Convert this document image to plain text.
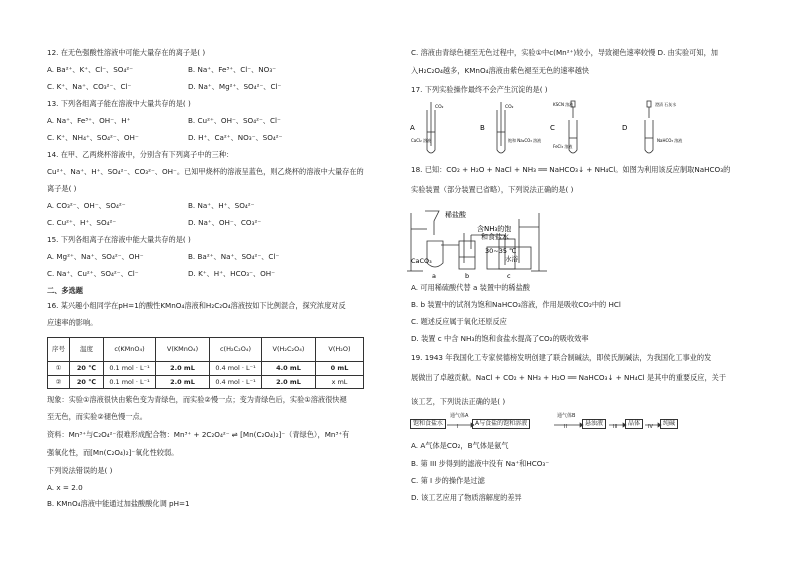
12. 在无色强酸性溶液中可能大量存在的离子是( )
A. Ba²⁺、K⁺、Cl⁻、SO₄²⁻	B. Na⁺、Fe³⁺、Cl⁻、NO₃⁻
C. K⁺、Na⁺、CO₃²⁻、Cl⁻	D. Na⁺、Mg²⁺、SO₄²⁻、Cl⁻
13. 下列各组离子能在溶液中大量共存的是( )
A. Na⁺、Fe³⁺、OH⁻、H⁺	B. Cu²⁺、OH⁻、SO₄²⁻、Cl⁻
C. K⁺、NH₄⁺、SO₄²⁻、OH⁻	D. H⁺、Ca²⁺、NO₃⁻、SO₄²⁻
14. 在甲、乙两烧杯溶液中，分别含有下列离子中的三种：
Cu²⁺、Na⁺、H⁺、SO₄²⁻、CO₃²⁻、OH⁻。已知甲烧杯的溶液呈蓝色，则乙烧杯的溶液中大量存在的
离子是( )
A. CO₃²⁻、OH⁻、SO₄²⁻	B. Na⁺、H⁺、SO₄²⁻
C. Cu²⁺、H⁺、SO₄²⁻	D. Na⁺、OH⁻、CO₃²⁻
15. 下列各组离子在溶液中能大量共存的是( )
A. Mg²⁺、Na⁺、SO₄²⁻、OH⁻	B. Ba²⁺、Na⁺、SO₄²⁻、Cl⁻
C. Na⁺、Cu²⁺、SO₄²⁻、Cl⁻	D. K⁺、H⁺、HCO₃⁻、OH⁻
二、多选题
16. 某兴趣小组同学在pH=1的酸性KMnO₄溶液和H₂C₂O₄溶液按如下比例混合，探究浓度对反
应速率的影响。
序号	温度	c(KMnO₄)	V(KMnO₄)	c(H₂C₂O₄)	V(H₂C₂O₄)	V(H₂O)
①	20 ℃	0.1 mol · L⁻¹	2.0 mL	0.4 mol · L⁻¹	4.0 mL	0 mL
②	20 ℃	0.1 mol · L⁻¹	2.0 mL	0.4 mol · L⁻¹	2.0 mL	x mL
现象：实验①溶液很快由紫色变为青绿色，而实验②慢一点；变为青绿色后，实验①溶液很快褪
至无色，而实验②褪色慢一点。
资料：Mn³⁺与C₂O₄²⁻很难形成配合物：Mn³⁺ + 2C₂O₄²⁻ ⇌ [Mn(C₂O₄)₂]⁻（青绿色），Mn³⁺有
强氧化性，而[Mn(C₂O₄)₂]⁻氧化性较弱。
下列说法错误的是( )
A. x = 2.0
B. KMnO₄溶液中能通过加盐酸酸化调 pH=1
C. 溶液由青绿色褪至无色过程中，实验①中c(Mn²⁺)较小，导致褪色速率较慢 D. 由实验可知，加
入H₂C₂O₄越多，KMnO₄溶液由紫色褪至无色的速率越快
17. 下列实验操作最终不会产生沉淀的是( )
A
CO₂
CaCl₂ 溶液
B
CO₂
饱和 Na₂CO₃ 溶液
C
KSCN 溶液
FeCl₃ 溶液
D
澄清 石灰水
NaHCO₃ 溶液
18. 已知：CO₂ + H₂O + NaCl + NH₃ ══ NaHCO₃↓ + NH₄Cl。如图为利用该反应制取NaHCO₃的
实验装置（部分装置已省略），下列说法正确的是( )
稀盐酸
含NH₃的饱
和食盐水
30~35 ℃
水浴
CaCO₃
a	b	c
A. 可用稀硫酸代替 a 装置中的稀盐酸
B. b 装置中的试剂为饱和NaHCO₃溶液，作用是吸收CO₂中的 HCl
C. 题述反应属于氧化还原反应
D. 装置 c 中含 NH₃的饱和食盐水提高了CO₂的吸收效率
19. 1943 年我国化工专家侯德榜发明创建了联合制碱法，即侯氏制碱法，为我国化工事业的发
展做出了卓越贡献。NaCl + CO₂ + NH₃ + H₂O ══ NaHCO₃↓ + NH₄Cl 是其中的重要反应，关于
该工艺，下列说法正确的是( )
饱和食盐水
通气体A
I	A与食盐的饱和溶液
通气体B
II	悬浊液	III	晶体	IV	纯碱
A. A气体是CO₂，B气体是氨气
B. 第 III 步得到的滤液中没有 Na⁺和HCO₃⁻
C. 第 I 步的操作是过滤
D. 该工艺应用了物质溶解度的差异
